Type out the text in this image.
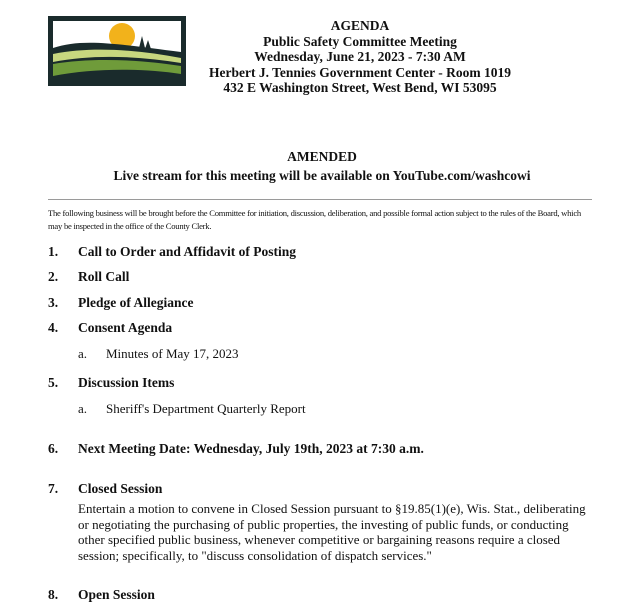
AGENDA
Public Safety Committee Meeting
Wednesday, June 21, 2023 - 7:30 AM
Herbert J. Tennies Government Center - Room 1019
432 E Washington Street, West Bend, WI 53095
AMENDED
Live stream for this meeting will be available on YouTube.com/washcowi
The following business will be brought before the Committee for initiation, discussion, deliberation, and possible formal action subject to the rules of the Board, which may be inspected in the office of the County Clerk.
1. Call to Order and Affidavit of Posting
2. Roll Call
3. Pledge of Allegiance
4. Consent Agenda
a. Minutes of May 17, 2023
5. Discussion Items
a. Sheriff's Department Quarterly Report
6. Next Meeting Date: Wednesday, July 19th, 2023 at 7:30 a.m.
7. Closed Session
Entertain a motion to convene in Closed Session pursuant to §19.85(1)(e), Wis. Stat., deliberating or negotiating the purchasing of public properties, the investing of public funds, or conducting other specified public business, whenever competitive or bargaining reasons require a closed session; specifically, to "discuss consolidation of dispatch services."
8. Open Session
